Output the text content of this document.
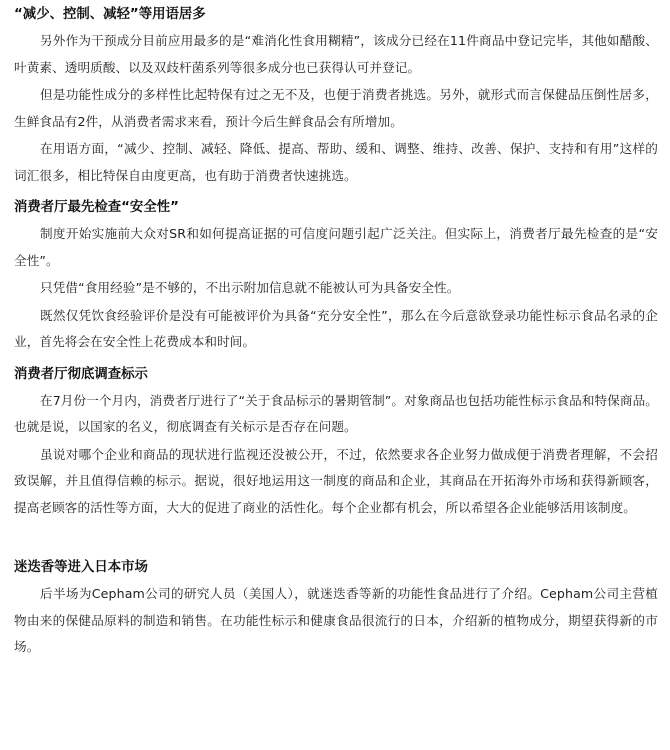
“减少、控制、减轻”等用语居多

另外作为干预成分目前应用最多的是“难消化性食用糊精”，该成分已经在11件商品中登记完毕，其他如醋酸、叶黄素、透明质酸、以及双歧杆菌系列等很多成分也已获得认可并登记。

但是功能性成分的多样性比起特保有过之无不及，也便于消费者挑选。另外，就形式而言保健品压倒性居多，生鲜食品有2件，从消费者需求来看，预计今后生鲜食品会有所增加。

在用语方面，“减少、控制、减轻、降低、提高、帮助、缓和、调整、维持、改善、保护、支持和有用”这样的词汇很多，相比特保自由度更高，也有助于消费者快速挑选。

消费者厅最先检查“安全性”

制度开始实施前大众对SR和如何提高证据的可信度问题引起广泛关注。但实际上，消费者厅最先检查的是“安全性”。

只凭借“食用经验”是不够的，不出示附加信息就不能被认可为具备安全性。

既然仅凭饮食经验评价是没有可能被评价为具备“充分安全性”，那么在今后意欲登录功能性标示食品名录的企业，首先将会在安全性上花费成本和时间。

消费者厅彻底调查标示

在7月份一个月内，消费者厅进行了“关于食品标示的暑期管制”。对象商品也包括功能性标示食品和特保商品。也就是说，以国家的名义，彻底调查有关标示是否存在问题。

虽说对哪个企业和商品的现状进行监视还没被公开，不过，依然要求各企业努力做成便于消费者理解，不会招致误解，并且值得信赖的标示。据说，很好地运用这一制度的商品和企业，其商品在开拓海外市场和获得新顾客，提高老顾客的活性等方面，大大的促进了商业的活性化。每个企业都有机会，所以希望各企业能够活用该制度。

迷迭香等进入日本市场

后半场为Cepham公司的研究人员（美国人），就迷迭香等新的功能性食品进行了介绍。Cepham公司主营植物由来的保健品原料的制造和销售。在功能性标示和健康食品很流行的日本，介绍新的植物成分，期望获得新的市场。
